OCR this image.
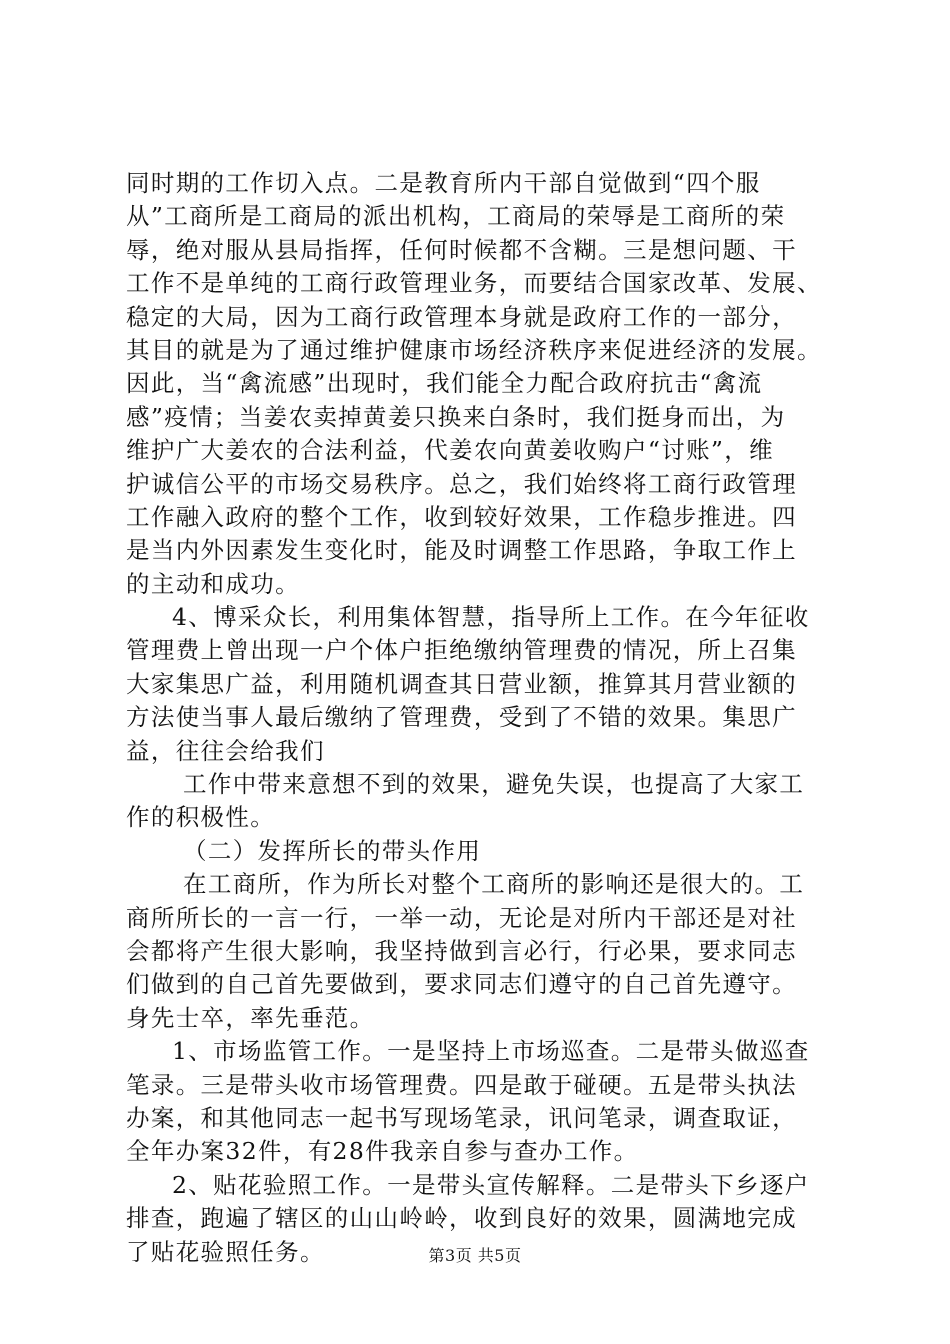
同时期的工作切入点。二是教育所内干部自觉做到“四个服
从”工商所是工商局的派出机构，工商局的荣辱是工商所的荣
辱，绝对服从县局指挥，任何时候都不含糊。三是想问题、干
工作不是单纯的工商行政管理业务，而要结合国家改革、发展、
稳定的大局，因为工商行政管理本身就是政府工作的一部分，
其目的就是为了通过维护健康市场经济秩序来促进经济的发展。
因此，当“禽流感”出现时，我们能全力配合政府抗击“禽流
感”疫情；当姜农卖掉黄姜只换来白条时，我们挺身而出，为
维护广大姜农的合法利益，代姜农向黄姜收购户“讨账”，维
护诚信公平的市场交易秩序。总之，我们始终将工商行政管理
工作融入政府的整个工作，收到较好效果，工作稳步推进。四
是当内外因素发生变化时，能及时调整工作思路，争取工作上
的主动和成功。
4、博采众长，利用集体智慧，指导所上工作。在今年征收
管理费上曾出现一户个体户拒绝缴纳管理费的情况，所上召集
大家集思广益，利用随机调查其日营业额，推算其月营业额的
方法使当事人最后缴纳了管理费，受到了不错的效果。集思广
益，往往会给我们
工作中带来意想不到的效果，避免失误，也提高了大家工
作的积极性。
（二）发挥所长的带头作用
在工商所，作为所长对整个工商所的影响还是很大的。工
商所所长的一言一行，一举一动，无论是对所内干部还是对社
会都将产生很大影响，我坚持做到言必行，行必果，要求同志
们做到的自己首先要做到，要求同志们遵守的自己首先遵守。
身先士卒，率先垂范。
1、市场监管工作。一是坚持上市场巡查。二是带头做巡查
笔录。三是带头收市场管理费。四是敢于碰硬。五是带头执法
办案，和其他同志一起书写现场笔录，讯问笔录，调查取证，
全年办案32件，有28件我亲自参与查办工作。
2、贴花验照工作。一是带头宣传解释。二是带头下乡逐户
排查，跑遍了辖区的山山岭岭，收到良好的效果，圆满地完成
了贴花验照任务。	第3页 共5页
